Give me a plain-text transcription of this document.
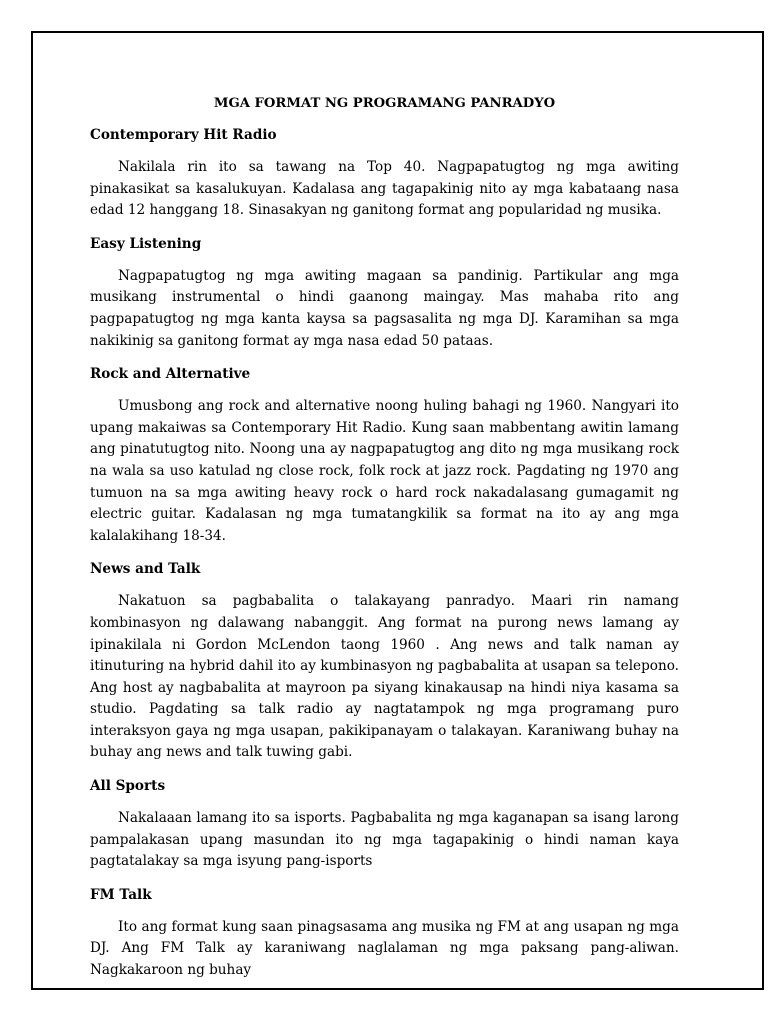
MGA FORMAT NG PROGRAMANG PANRADYO
Contemporary Hit Radio

Nakilala rin ito sa tawang na Top 40. Nagpapatugtog ng mga awiting pinakasikat sa kasalukuyan. Kadalasa ang tagapakinig nito ay mga kabataang nasa edad 12 hanggang 18. Sinasakyan ng ganitong format ang popularidad ng musika.

Easy Listening

Nagpapatugtog ng mga awiting magaan sa pandinig. Partikular ang mga musikang instrumental o hindi gaanong maingay. Mas mahaba rito ang pagpapatugtog ng mga kanta kaysa sa pagsasalita ng mga DJ. Karamihan sa mga nakikinig sa ganitong format ay mga nasa edad 50 pataas.

Rock and Alternative

Umusbong ang rock and alternative noong huling bahagi ng 1960. Nangyari ito upang makaiwas sa Contemporary Hit Radio. Kung saan mabbentang awitin lamang ang pinatutugtog nito. Noong una ay nagpapatugtog ang dito ng mga musikang rock na wala sa uso katulad ng close rock, folk rock at jazz rock. Pagdating ng 1970 ang tumuon na sa mga awiting heavy rock o hard rock nakadalasang gumagamit ng electric guitar. Kadalasan ng mga tumatangkilik sa format na ito ay ang mga kalalakihang 18-34.

News and Talk

Nakatuon sa pagbabalita o talakayang panradyo. Maari rin namang kombinasyon ng dalawang nabanggit. Ang format na purong news lamang ay ipinakilala ni Gordon McLendon taong 1960 . Ang news and talk naman ay itinuturing na hybrid dahil ito ay kumbinasyon ng pagbabalita at usapan sa telepono. Ang host ay nagbabalita at mayroon pa siyang kinakausap na hindi niya kasama sa studio. Pagdating sa talk radio ay nagtatampok ng mga programang puro interaksyon gaya ng mga usapan, pakikipanayam o talakayan. Karaniwang buhay na buhay ang news and talk tuwing gabi.

All Sports

Nakalaaan lamang ito sa isports. Pagbabalita ng mga kaganapan sa isang larong pampalakasan upang masundan ito ng mga tagapakinig o hindi naman kaya pagtatalakay sa mga isyung pang-isports

FM Talk

Ito ang format kung saan pinagsasama ang musika ng FM at ang usapan ng mga DJ. Ang FM Talk ay karaniwang naglalaman ng mga paksang pang-aliwan. Nagkakaroon ng buhay
